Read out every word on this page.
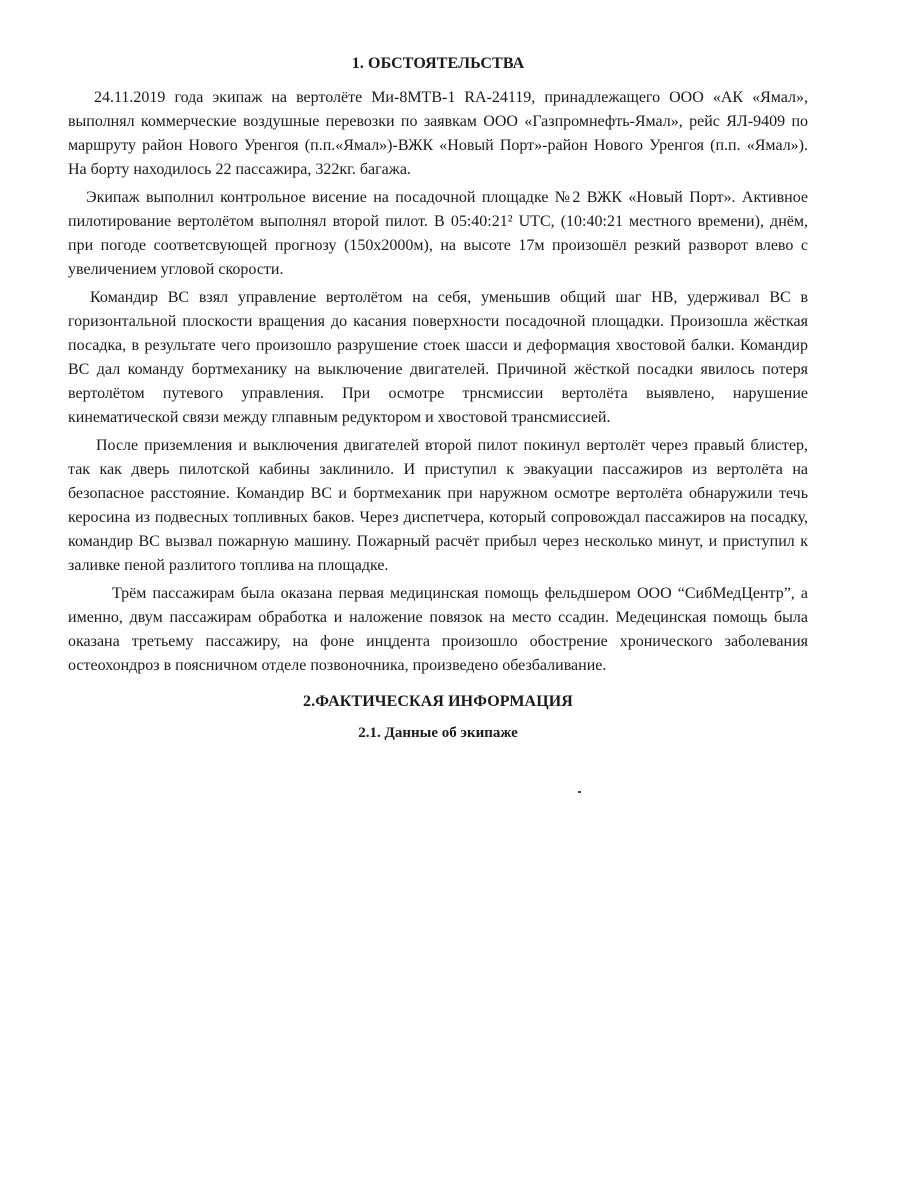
1. ОБСТОЯТЕЛЬСТВА

24.11.2019 года экипаж на вертолёте Ми-8МТВ-1 RA-24119, принадлежащего ООО «АК «Ямал», выполнял коммерческие воздушные перевозки по заявкам ООО «Газпромнефть-Ямал», рейс ЯЛ-9409 по маршруту район Нового Уренгоя (п.п.«Ямал»)-ВЖК «Новый Порт»-район Нового Уренгоя (п.п. «Ямал»). На борту находилось 22 пассажира, 322кг. багажа.

Экипаж выполнил контрольное висение на посадочной площадке №2 ВЖК «Новый Порт». Активное пилотирование вертолётом выполнял второй пилот. В 05:40:21² UTC, (10:40:21 местного времени), днём, при погоде соответсвующей прогнозу (150х2000м), на высоте 17м произошёл резкий разворот влево с увеличением угловой скорости.

Командир ВС взял управление вертолётом на себя, уменьшив общий шаг НВ, удерживал ВС в горизонтальной плоскости вращения до касания поверхности посадочной площадки. Произошла жёсткая посадка, в результате чего произошло разрушение стоек шасси и деформация хвостовой балки. Командир ВС дал команду бортмеханику на выключение двигателей. Причиной жёсткой посадки явилось потеря вертолётом путевого управления. При осмотре трнсмиссии вертолёта выявлено, нарушение кинематической связи между глпавным редуктором и хвостовой трансмиссией.

После приземления и выключения двигателей второй пилот покинул вертолёт через правый блистер, так как дверь пилотской кабины заклинило. И приступил к эвакуации пассажиров из вертолёта на безопасное расстояние. Командир ВС и бортмеханик при наружном осмотре вертолёта обнаружили течь керосина из подвесных топливных баков. Через диспетчера, который сопровождал пассажиров на посадку, командир ВС вызвал пожарную машину. Пожарный расчёт прибыл через несколько минут, и приступил к заливке пеной разлитого топлива на площадке.

Трём пассажирам была оказана первая медицинская помощь фельдшером ООО “СибМедЦентр”, а именно, двум пассажирам обработка и наложение повязок на место ссадин. Медецинская помощь была оказана третьему пассажиру, на фоне инцдента произошло обострение хронического заболевания остеохондроз в поясничном отделе позвоночника, произведено обезбаливание.

2.ФАКТИЧЕСКАЯ ИНФОРМАЦИЯ
2.1. Данные об экипаже
